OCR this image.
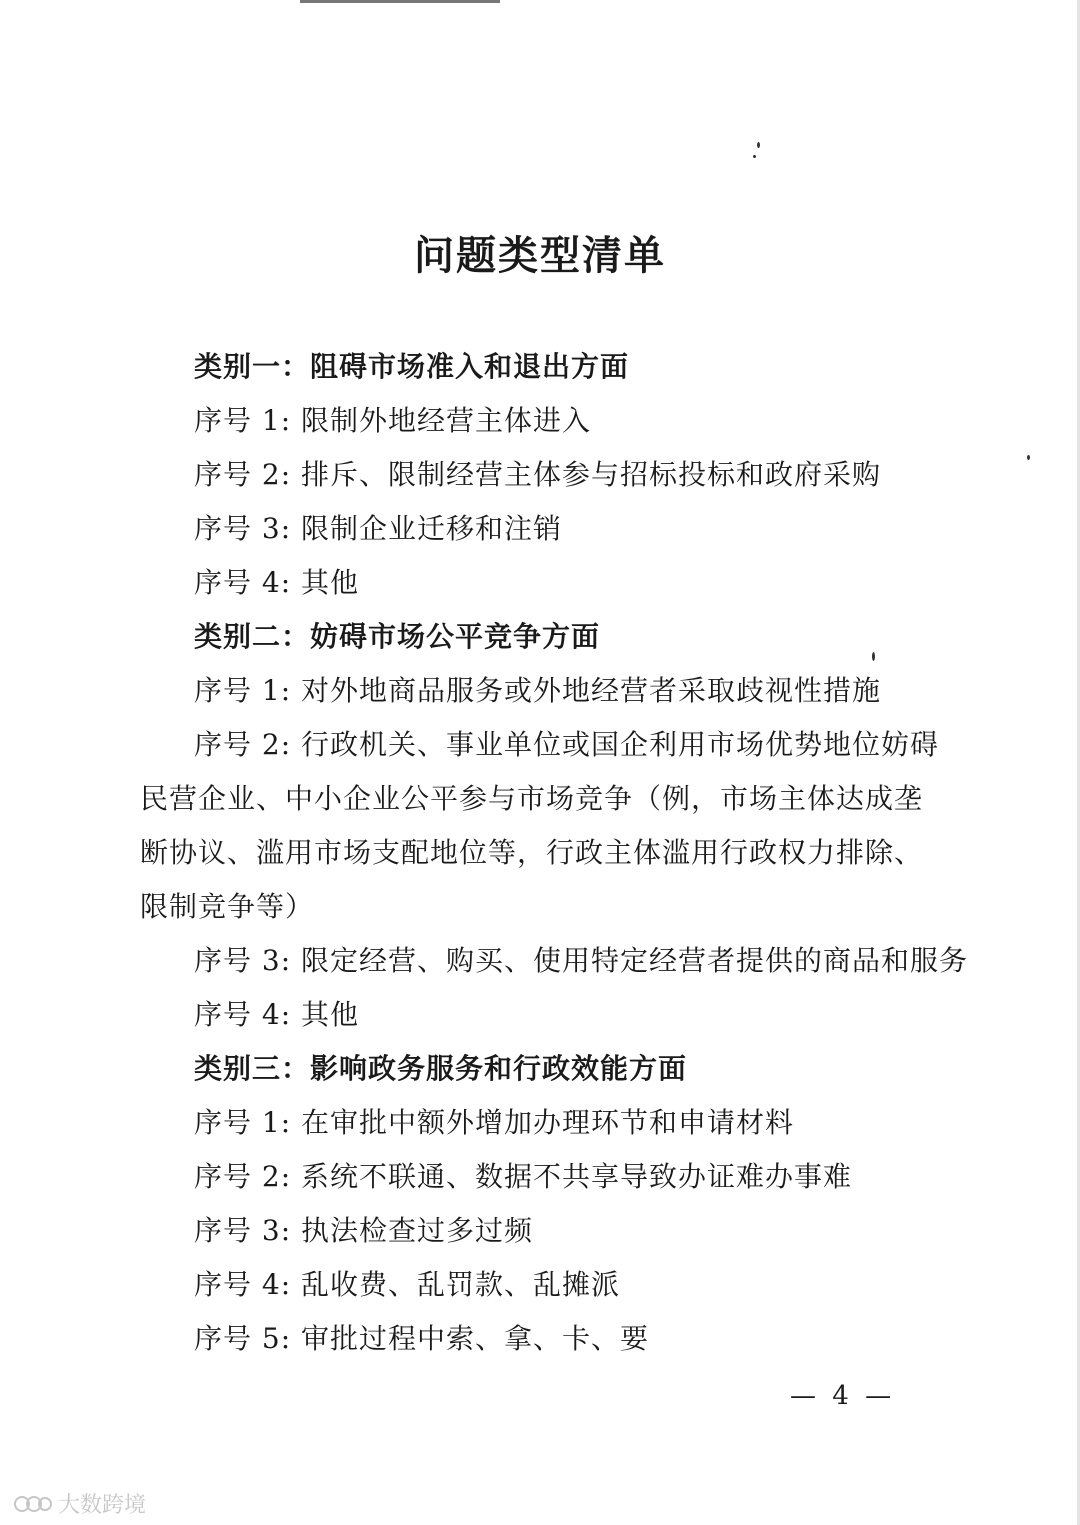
问题类型清单
类别一：阻碍市场准入和退出方面
序号 1: 限制外地经营主体进入
序号 2: 排斥、限制经营主体参与招标投标和政府采购
序号 3: 限制企业迁移和注销
序号 4: 其他
类别二：妨碍市场公平竞争方面
序号 1: 对外地商品服务或外地经营者采取歧视性措施
序号 2: 行政机关、事业单位或国企利用市场优势地位妨碍
民营企业、中小企业公平参与市场竞争（例，市场主体达成垄
断协议、滥用市场支配地位等，行政主体滥用行政权力排除、
限制竞争等）
序号 3: 限定经营、购买、使用特定经营者提供的商品和服务
序号 4: 其他
类别三：影响政务服务和行政效能方面
序号 1: 在审批中额外增加办理环节和申请材料
序号 2: 系统不联通、数据不共享导致办证难办事难
序号 3: 执法检查过多过频
序号 4: 乱收费、乱罚款、乱摊派
序号 5: 审批过程中索、拿、卡、要
— 4 —
大数跨境
